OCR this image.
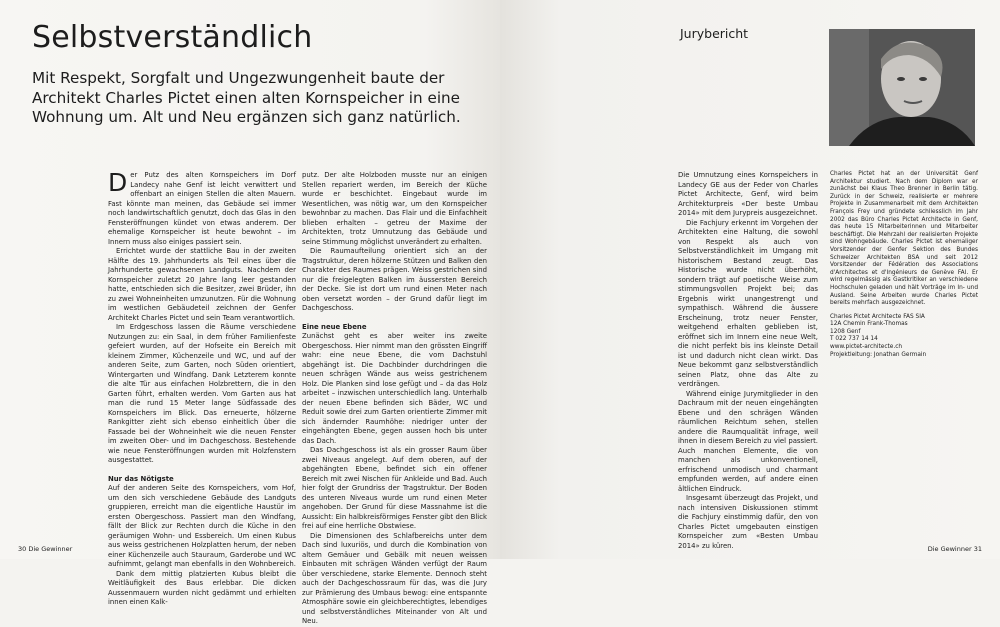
Selbstverständlich

Mit Respekt, Sorgfalt und Ungezwungenheit baute der Architekt Charles Pictet einen alten Kornspeicher in eine Wohnung um. Alt und Neu ergänzen sich ganz natürlich.

Der Putz des alten Kornspeichers im Dorf Landecy nahe Genf ist leicht verwittert und offenbart an einigen Stellen die alten Mauern. Fast könnte man meinen, das Gebäude sei immer noch landwirtschaftlich genutzt, doch das Glas in den Fensteröffnungen kündet von etwas anderem. Der ehemalige Kornspeicher ist heute bewohnt – im Innern muss also einiges passiert sein.

Errichtet wurde der stattliche Bau in der zweiten Hälfte des 19. Jahrhunderts als Teil eines über die Jahrhunderte gewachsenen Landguts. Nachdem der Kornspeicher zuletzt 20 Jahre lang leer gestanden hatte, entschieden sich die Besitzer, zwei Brüder, ihn zu zwei Wohneinheiten umzunutzen. Für die Wohnung im westlichen Gebäudeteil zeichnen der Genfer Architekt Charles Pictet und sein Team verantwortlich.

Im Erdgeschoss lassen die Räume verschiedene Nutzungen zu: ein Saal, in dem früher Familienfeste gefeiert wurden, auf der Hofseite ein Bereich mit kleinem Zimmer, Küchenzeile und WC, und auf der anderen Seite, zum Garten, noch Süden orientiert, Wintergarten und Windfang. Dank Letzterem konnte die alte Tür aus einfachen Holzbrettern, die in den Garten führt, erhalten werden. Vom Garten aus hat man die rund 15 Meter lange Südfassade des Kornspeichers im Blick. Das erneuerte, hölzerne Rankgitter zieht sich ebenso einheitlich über die Fassade bei der Wohneinheit wie die neuen Fenster im zweiten Ober- und im Dachgeschoss. Bestehende wie neue Fensteröffnungen wurden mit Holzfenstern ausgestattet.

Nur das Nötigste

Auf der anderen Seite des Kornspeichers, vom Hof, um den sich verschiedene Gebäude des Landguts gruppieren, erreicht man die eigentliche Haustür im ersten Obergeschoss. Passiert man den Windfang, fällt der Blick zur Rechten durch die Küche in den geräumigen Wohn- und Essbereich. Um einen Kubus aus weiss gestrichenen Holzplatten herum, der neben einer Küchenzeile auch Stauraum, Garderobe und WC aufnimmt, gelangt man ebenfalls in den Wohnbereich.

Dank dem mittig platzierten Kubus bleibt die Weitläufigkeit des Baus erlebbar. Die dicken Aussenmauern wurden nicht gedämmt und erhielten innen einen Kalk-

putz. Der alte Holzboden musste nur an einigen Stellen repariert werden, im Bereich der Küche wurde er beschichtet. Eingebaut wurde im Wesentlichen, was nötig war, um den Kornspeicher bewohnbar zu machen. Das Flair und die Einfachheit blieben erhalten – getreu der Maxime der Architekten, trotz Umnutzung das Gebäude und seine Stimmung möglichst unverändert zu erhalten.

Die Raumaufteilung orientiert sich an der Tragstruktur, deren hölzerne Stützen und Balken den Charakter des Raumes prägen. Weiss gestrichen sind nur die freigelegten Balken im äussersten Bereich der Decke. Sie ist dort um rund einen Meter nach oben versetzt worden – der Grund dafür liegt im Dachgeschoss.

Eine neue Ebene

Zunächst geht es aber weiter ins zweite Obergeschoss. Hier nimmt man den grössten Eingriff wahr: eine neue Ebene, die vom Dachstuhl abgehängt ist. Die Dachbinder durchdringen die neuen schrägen Wände aus weiss gestrichenem Holz. Die Planken sind lose gefügt und – da das Holz arbeitet – inzwischen unterschiedlich lang. Unterhalb der neuen Ebene befinden sich Bäder, WC und Reduit sowie drei zum Garten orientierte Zimmer mit sich ändernder Raumhöhe: niedriger unter der eingehängten Ebene, gegen aussen hoch bis unter das Dach.

Das Dachgeschoss ist als ein grosser Raum über zwei Niveaus angelegt. Auf dem oberen, auf der abgehängten Ebene, befindet sich ein offener Bereich mit zwei Nischen für Ankleide und Bad. Auch hier folgt der Grundriss der Tragstruktur. Der Boden des unteren Niveaus wurde um rund einen Meter angehoben. Der Grund für diese Massnahme ist die Aussicht: Ein halbkreisförmiges Fenster gibt den Blick frei auf eine herrliche Obstwiese.

Die Dimensionen des Schlafbereichs unter dem Dach sind luxuriös, und durch die Kombination von altem Gemäuer und Gebälk mit neuen weissen Einbauten mit schrägen Wänden verfügt der Raum über verschiedene, starke Elemente. Dennoch steht auch der Dachgeschossraum für das, was die Jury zur Prämierung des Umbaus bewog: eine entspannte Atmosphäre sowie ein gleichberechtigtes, lebendiges und selbstverständliches Miteinander von Alt und Neu.

30 Die Gewinner
Jurybericht

Die Umnutzung eines Kornspeichers in Landecy GE aus der Feder von Charles Pictet Architecte, Genf, wird beim Architekturpreis «Der beste Umbau 2014» mit dem Jurypreis ausgezeichnet.

Die Fachjury erkennt im Vorgehen der Architekten eine Haltung, die sowohl von Respekt als auch von Selbstverständlichkeit im Umgang mit historischem Bestand zeugt. Das Historische wurde nicht überhöht, sondern trägt auf poetische Weise zum stimmungsvollen Projekt bei; das Ergebnis wirkt unangestrengt und sympathisch. Während die äussere Erscheinung, trotz neuer Fenster, weitgehend erhalten geblieben ist, eröffnet sich im Innern eine neue Welt, die nicht perfekt bis ins kleinste Detail ist und dadurch nicht clean wirkt. Das Neue bekommt ganz selbstverständlich seinen Platz, ohne das Alte zu verdrängen.

Während einige Jurymitglieder in den Dachraum mit der neuen eingehängten Ebene und den schrägen Wänden räumlichen Reichtum sehen, stellen andere die Raumqualität infrage, weil ihnen in diesem Bereich zu viel passiert. Auch manchen Elemente, die von manchen als unkonventionell, erfrischend unmodisch und charmant empfunden werden, auf andere einen ältlichen Eindruck.

Insgesamt überzeugt das Projekt, und nach intensiven Diskussionen stimmt die Fachjury einstimmig dafür, den von Charles Pictet umgebauten einstigen Kornspeicher zum «Besten Umbau 2014» zu küren.

Charles Pictet hat an der Universität Genf Architektur studiert. Nach dem Diplom war er zunächst bei Klaus Theo Brenner in Berlin tätig. Zurück in der Schweiz, realisierte er mehrere Projekte in Zusammenarbeit mit dem Architekten François Frey und gründete schliesslich im Jahr 2002 das Büro Charles Pictet Architecte in Genf, das heute 15 Mitarbeiterinnen und Mitarbeiter beschäftigt. Die Mehrzahl der realisierten Projekte sind Wohngebäude. Charles Pictet ist ehemaliger Vorsitzender der Genfer Sektion des Bundes Schweizer Architekten BSA und seit 2012 Vorsitzender der Fédération des Associations d'Architectes et d'Ingénieurs de Genève FAI. Er wird regelmässig als Gastkritiker an verschiedene Hochschulen geladen und hält Vorträge im In- und Ausland. Seine Arbeiten wurde Charles Pictet bereits mehrfach ausgezeichnet.

Charles Pictet Architecte FAS SIA
12A Chemin Frank-Thomas
1208 Genf
T 022 737 14 14
www.pictet-architecte.ch
Projektleitung: Jonathan Germain
Die Gewinner 31
